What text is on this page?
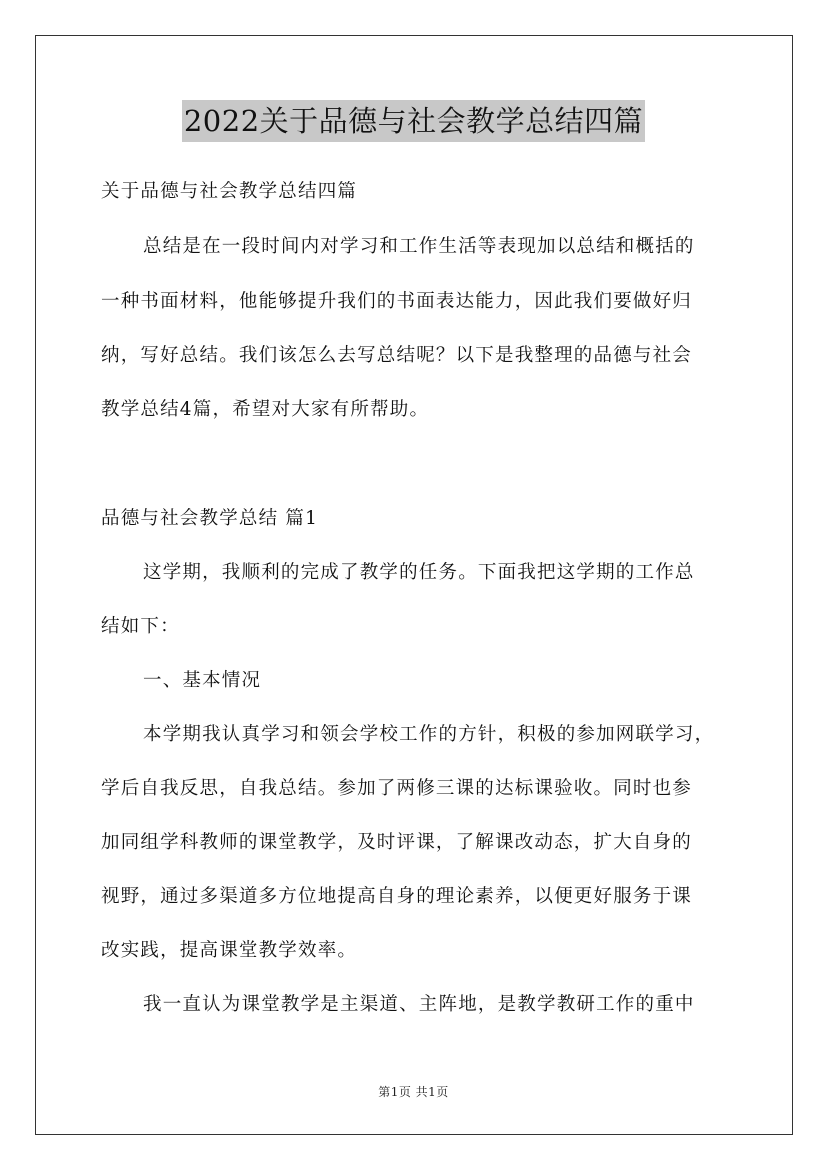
2022关于品德与社会教学总结四篇
关于品德与社会教学总结四篇
总结是在一段时间内对学习和工作生活等表现加以总结和概括的
一种书面材料，他能够提升我们的书面表达能力，因此我们要做好归
纳，写好总结。我们该怎么去写总结呢？以下是我整理的品德与社会
教学总结4篇，希望对大家有所帮助。
品德与社会教学总结 篇1
这学期，我顺利的完成了教学的任务。下面我把这学期的工作总
结如下：
一、基本情况
本学期我认真学习和领会学校工作的方针，积极的参加网联学习，
学后自我反思，自我总结。参加了两修三课的达标课验收。同时也参
加同组学科教师的课堂教学，及时评课，了解课改动态，扩大自身的
视野，通过多渠道多方位地提高自身的理论素养，以便更好服务于课
改实践，提高课堂教学效率。
我一直认为课堂教学是主渠道、主阵地，是教学教研工作的重中
第1页 共1页
